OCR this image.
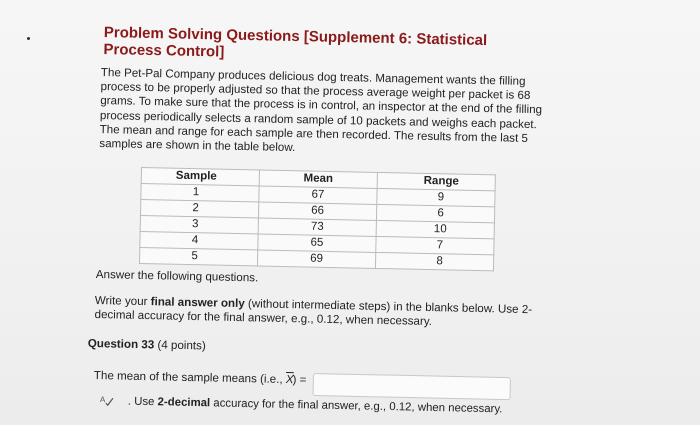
Problem Solving Questions [Supplement 6: Statistical Process Control]
The Pet-Pal Company produces delicious dog treats. Management wants the filling process to be properly adjusted so that the process average weight per packet is 68 grams. To make sure that the process is in control, an inspector at the end of the filling process periodically selects a random sample of 10 packets and weighs each packet. The mean and range for each sample are then recorded. The results from the last 5 samples are shown in the table below.
Sample	Mean	Range
1	67	9
2	66	6
3	73	10
4	65	7
5	69	8
Answer the following questions.
Write your final answer only (without intermediate steps) in the blanks below. Use 2-decimal accuracy for the final answer, e.g., 0.12, when necessary.
Question 33 (4 points)
The mean of the sample means (i.e., $\overline{X}$) =
A . Use 2-decimal accuracy for the final answer, e.g., 0.12, when necessary.
